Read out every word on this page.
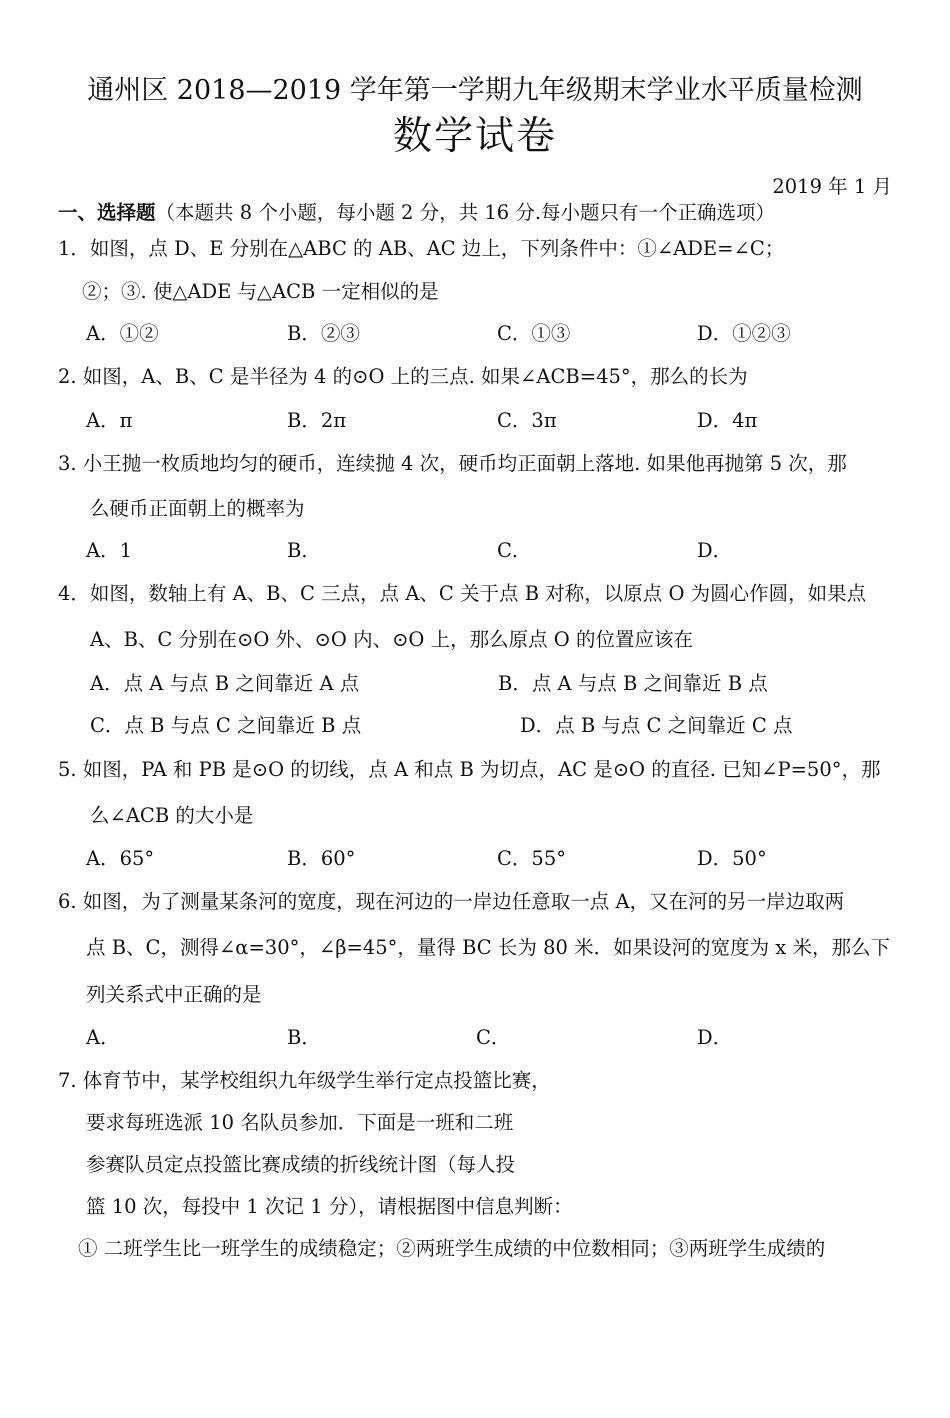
通州区 2018—2019 学年第一学期九年级期末学业水平质量检测
数学试卷
2019 年 1 月
一、选择题（本题共 8 个小题，每小题 2 分，共 16 分.每小题只有一个正确选项）
1．如图，点 D、E 分别在△ABC 的 AB、AC 边上，下列条件中：①∠ADE=∠C；
②；③. 使△ADE 与△ACB 一定相似的是
A．①②	B．②③	C．①③	D．①②③
2. 如图，A、B、C 是半径为 4 的⊙O 上的三点. 如果∠ACB=45°，那么的长为
A．π	B．2π	C．3π	D．4π
3. 小王抛一枚质地均匀的硬币，连续抛 4 次，硬币均正面朝上落地. 如果他再抛第 5 次，那
么硬币正面朝上的概率为
A．1	B．	C．	D．
4．如图，数轴上有 A、B、C 三点，点 A、C 关于点 B 对称，以原点 O 为圆心作圆，如果点
A、B、C 分别在⊙O 外、⊙O 内、⊙O 上，那么原点 O 的位置应该在
A．点 A 与点 B 之间靠近 A 点	B．点 A 与点 B 之间靠近 B 点
C．点 B 与点 C 之间靠近 B 点	D．点 B 与点 C 之间靠近 C 点
5. 如图，PA 和 PB 是⊙O 的切线，点 A 和点 B 为切点，AC 是⊙O 的直径. 已知∠P=50°，那
么∠ACB 的大小是
A．65°	B．60°	C．55°	D．50°
6. 如图，为了测量某条河的宽度，现在河边的一岸边任意取一点 A，又在河的另一岸边取两
点 B、C，测得∠α=30°，∠β=45°，量得 BC 长为 80 米．如果设河的宽度为 x 米，那么下
列关系式中正确的是
A．	B．	C．	D．
7. 体育节中，某学校组织九年级学生举行定点投篮比赛，
要求每班选派 10 名队员参加．下面是一班和二班
参赛队员定点投篮比赛成绩的折线统计图（每人投
篮 10 次，每投中 1 次记 1 分），请根据图中信息判断：
① 二班学生比一班学生的成绩稳定；②两班学生成绩的中位数相同；③两班学生成绩的
